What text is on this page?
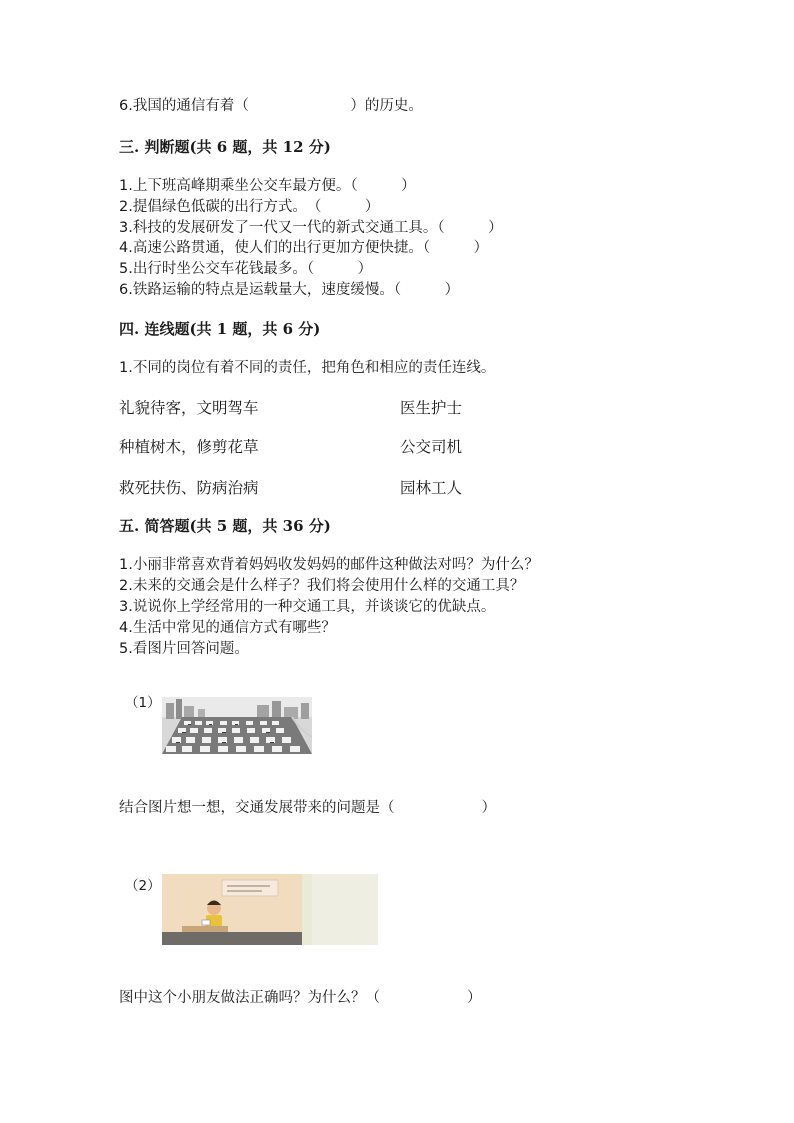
6.我国的通信有着（　　　　　　　）的历史。
三. 判断题(共 6 题，共 12 分)
1.上下班高峰期乘坐公交车最方便。（　　　）
2.提倡绿色低碳的出行方式。　（　　　）
3.科技的发展研发了一代又一代的新式交通工具。（　　　）
4.高速公路贯通，使人们的出行更加方便快捷。（　　　）
5.出行时坐公交车花钱最多。（　　　）
6.铁路运输的特点是运载量大，速度缓慢。（　　　）
四. 连线题(共 1 题，共 6 分)
1.不同的岗位有着不同的责任，把角色和相应的责任连线。
礼貌待客，文明驾车	医生护士
种植树木，修剪花草	公交司机
救死扶伤、防病治病	园林工人
五. 简答题(共 5 题，共 36 分)
1.小丽非常喜欢背着妈妈收发妈妈的邮件这种做法对吗？为什么？
2.未来的交通会是什么样子？我们将会使用什么样的交通工具？
3.说说你上学经常用的一种交通工具，并谈谈它的优缺点。
4.生活中常见的通信方式有哪些？
5.看图片回答问题。
（1）
结合图片想一想，交通发展带来的问题是（　　　　　　）
（2）
图中这个小朋友做法正确吗？为什么？（　　　　　　）
